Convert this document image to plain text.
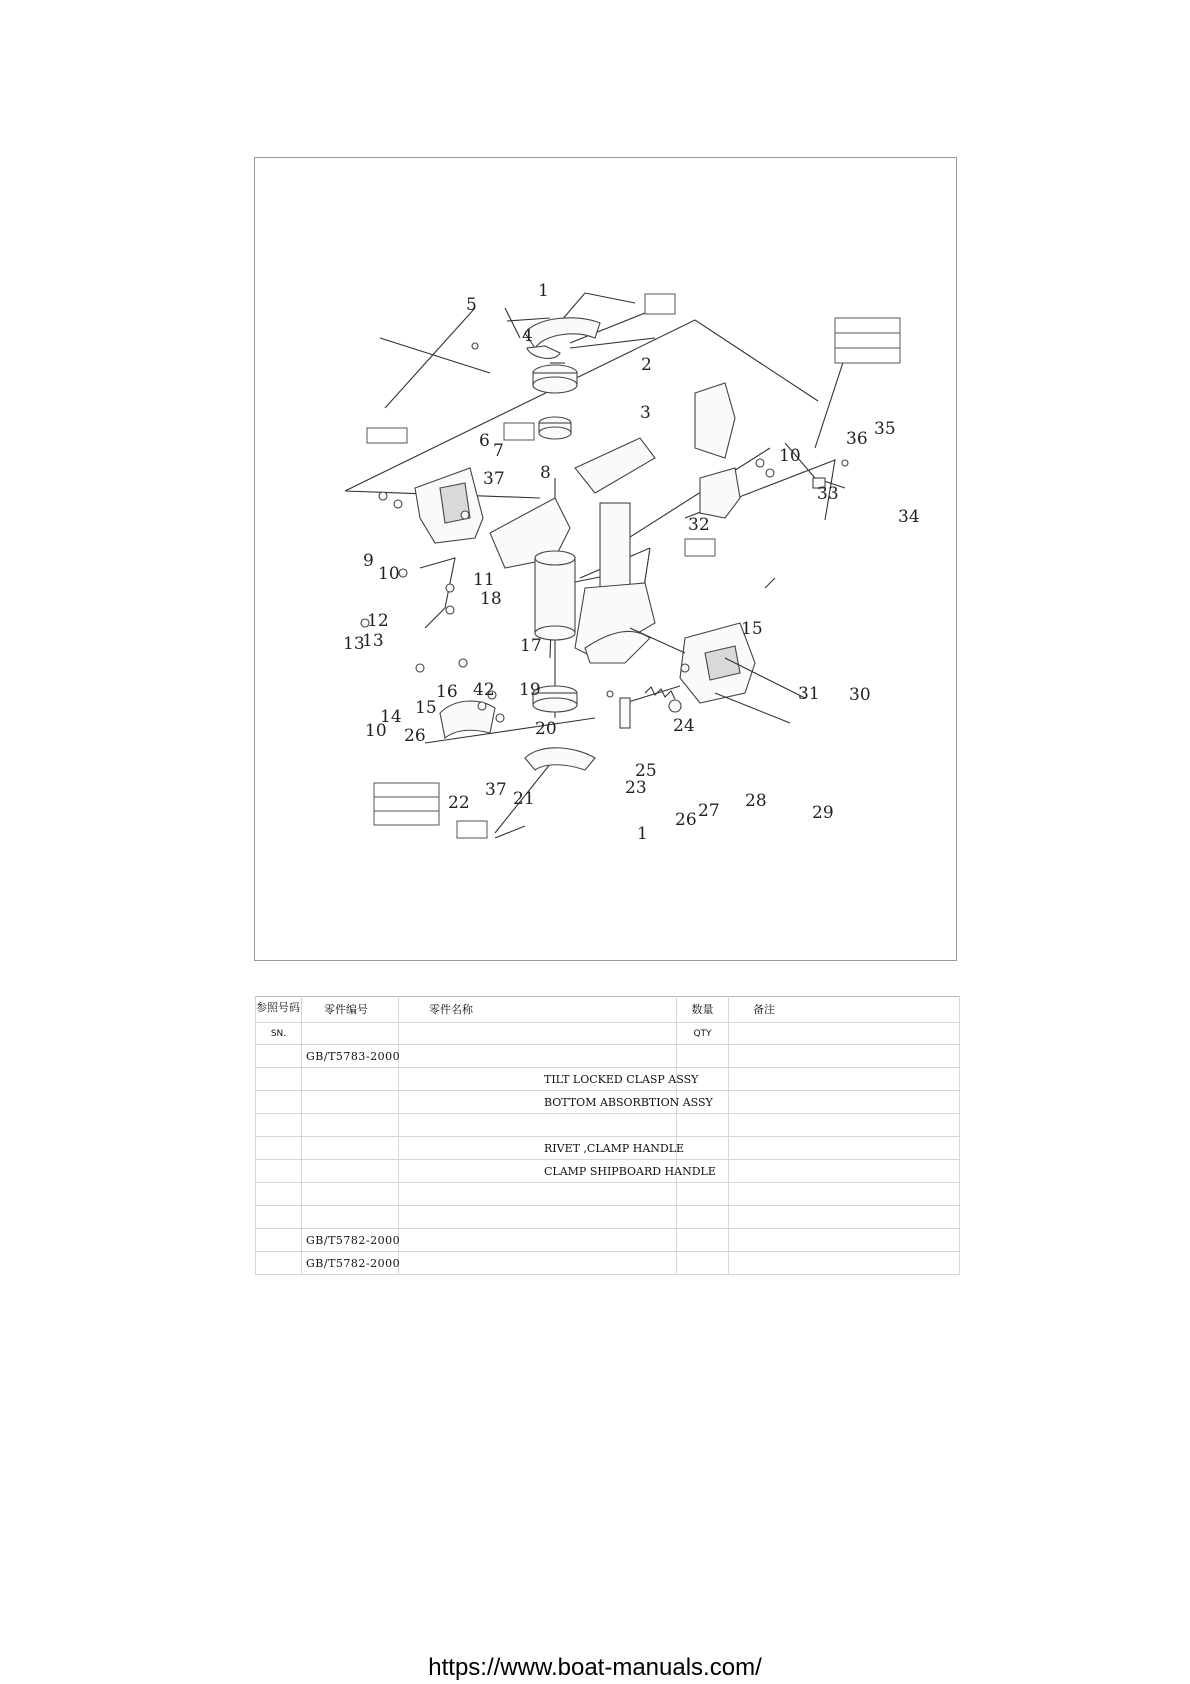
1
2
3
4
5
6 7
8
9
10	11
12
13
14 15
16
17
18
19
20
21
22
23
24
25
26 27 28
29
30
31
32
33
34
35
36
37
42
1
10
10
13
15
26
37
参照号码	零件编号	零件名称	数量	备注
SN.			QTY	
	GB/T5783-2000			
		TILT LOCKED CLASP ASSY		
		BOTTOM ABSORBTION ASSY		

		RIVET ,CLAMP HANDLE		
		CLAMP SHIPBOARD HANDLE		

	GB/T5782-2000			
	GB/T5782-2000			
https://www.boat-manuals.com/
